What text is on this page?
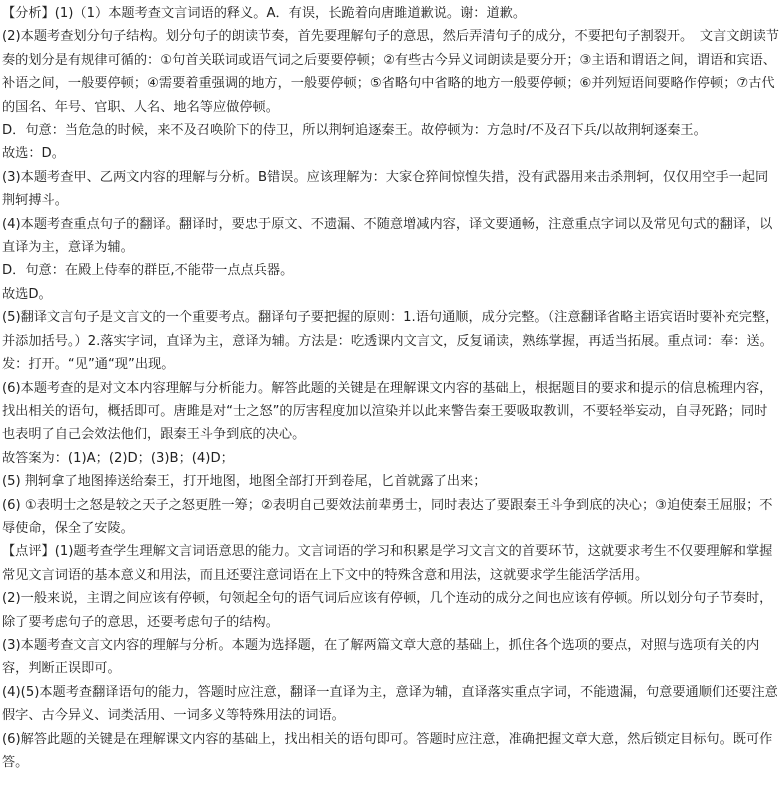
【分析】(1)（1）本题考查文言词语的释义。A．有误，长跪着向唐雎道歉说。谢：道歉。

(2)本题考查划分句子结构。划分句子的朗读节奏，首先要理解句子的意思，然后弄清句子的成分，不要把句子割裂开。　文言文朗读节奏的划分是有规律可循的：①句首关联词或语气词之后要要停顿；②有些古今异义词朗读是要分开；③主语和谓语之间，谓语和宾语、补语之间，一般要停顿；④需要着重强调的地方，一般要停顿；⑤省略句中省略的地方一般要停顿；⑥并列短语间要略作停顿；⑦古代的国名、年号、官职、人名、地名等应做停顿。

D．句意：当危急的时候，来不及召唤阶下的侍卫，所以荆轲追逐秦王。故停顿为：方急时/不及召下兵/以故荆轲逐秦王。

故选：D。

(3)本题考查甲、乙两文内容的理解与分析。B错误。应该理解为：大家仓猝间惊惶失措，没有武器用来击杀荆轲，仅仅用空手一起同荆轲搏斗。

(4)本题考查重点句子的翻译。翻译时，要忠于原文、不遗漏、不随意增减内容，译文要通畅，注意重点字词以及常见句式的翻译，以直译为主，意译为辅。

D．句意：在殿上侍奉的群臣,不能带一点点兵器。

故选D。

(5)翻译文言句子是文言文的一个重要考点。翻译句子要把握的原则：1.语句通顺，成分完整。（注意翻译省略主语宾语时要补充完整，并添加括号。）2.落实字词，直译为主，意译为辅。方法是：吃透课内文言文，反复诵读，熟练掌握，再适当拓展。重点词：奉：送。发：打开。“见”通“现”出现。

(6)本题考查的是对文本内容理解与分析能力。解答此题的关键是在理解课文内容的基础上，根据题目的要求和提示的信息梳理内容，找出相关的语句，概括即可。唐雎是对“士之怒”的厉害程度加以渲染并以此来警告秦王要吸取教训，不要轻举妄动，自寻死路；同时也表明了自己会效法他们，跟秦王斗争到底的决心。

故答案为：(1)A；(2)D；(3)B；(4)D；

(5) 荆轲拿了地图捧送给秦王，打开地图，地图全部打开到卷尾，匕首就露了出来；

(6) ①表明士之怒是较之天子之怒更胜一筹；②表明自己要效法前辈勇士，同时表达了要跟秦王斗争到底的决心；③迫使秦王屈服；不辱使命，保全了安陵。

【点评】(1)题考查学生理解文言词语意思的能力。文言词语的学习和积累是学习文言文的首要环节，这就要求考生不仅要理解和掌握常见文言词语的基本意义和用法，而且还要注意词语在上下文中的特殊含意和用法，这就要求学生能活学活用。

(2)一般来说，主谓之间应该有停顿，句领起全句的语气词后应该有停顿，几个连动的成分之间也应该有停顿。所以划分句子节奏时，除了要考虑句子的意思，还要考虑句子的结构。

(3)本题考查文言文内容的理解与分析。本题为选择题，在了解两篇文章大意的基础上，抓住各个选项的要点，对照与选项有关的内容，判断正误即可。

(4)(5)本题考查翻译语句的能力，答题时应注意，翻译一直译为主，意译为辅，直译落实重点字词，不能遗漏，句意要通顺们还要注意假字、古今异义、词类活用、一词多义等特殊用法的词语。

(6)解答此题的关键是在理解课文内容的基础上，找出相关的语句即可。答题时应注意，准确把握文章大意，然后锁定目标句。既可作答。
